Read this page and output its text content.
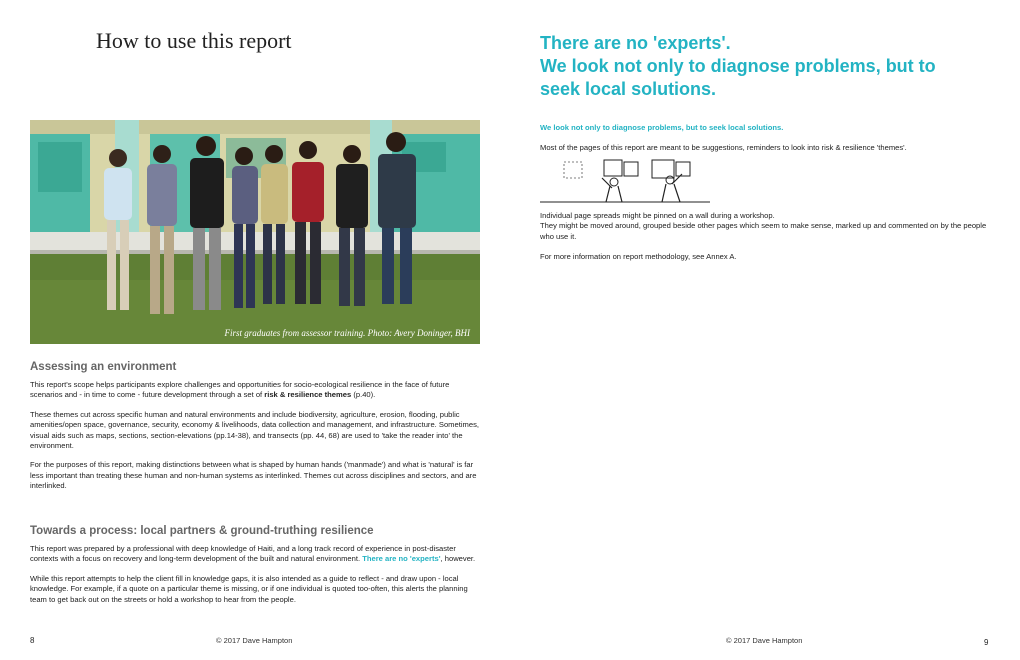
How to use this report
First graduates from assessor training. Photo: Avery Doninger, BHI
Assessing an environment

This report's scope helps participants explore challenges and opportunities for socio-ecological resilience in the face of future scenarios and - in time to come - future development through a set of risk & resilience themes (p.40).

These themes cut across specific human and natural environments and include biodiversity, agriculture, erosion, flooding, public amenities/open space, governance, security, economy & livelihoods, data collection and management, and infrastructure. Sometimes, visual aids such as maps, sections, section-elevations (pp.14-38), and transects (pp. 44, 68) are used to 'take the reader into' the environment.

For the purposes of this report, making distinctions between what is shaped by human hands ('manmade') and what is 'natural' is far less important than treating these human and non-human systems as interlinked. Themes cut across disciplines and sectors, and are interlinked.

Towards a process: local partners & ground-truthing resilience

This report was prepared by a professional with deep knowledge of Haiti, and a long track record of experience in post-disaster contexts with a focus on recovery and long-term development of the built and natural environment. There are no 'experts', however.

While this report attempts to help the client fill in knowledge gaps, it is also intended as a guide to reflect - and draw upon - local knowledge. For example, if a quote on a particular theme is missing, or if one individual is quoted too-often, this alerts the planning team to get back out on the streets or hold a workshop to hear from the people.

8	© 2017 Dave Hampton
There are no 'experts'.
We look not only to diagnose problems, but to
seek local solutions.

We look not only to diagnose problems, but to seek local solutions.

Most of the pages of this report are meant to be suggestions, reminders to look into risk & resilience 'themes'.

Individual page spreads might be pinned on a wall during a workshop.

They might be moved around, grouped beside other pages which seem to make sense, marked up and commented on by the people who use it.

For more information on report methodology, see Annex A.

© 2017 Dave Hampton	9
